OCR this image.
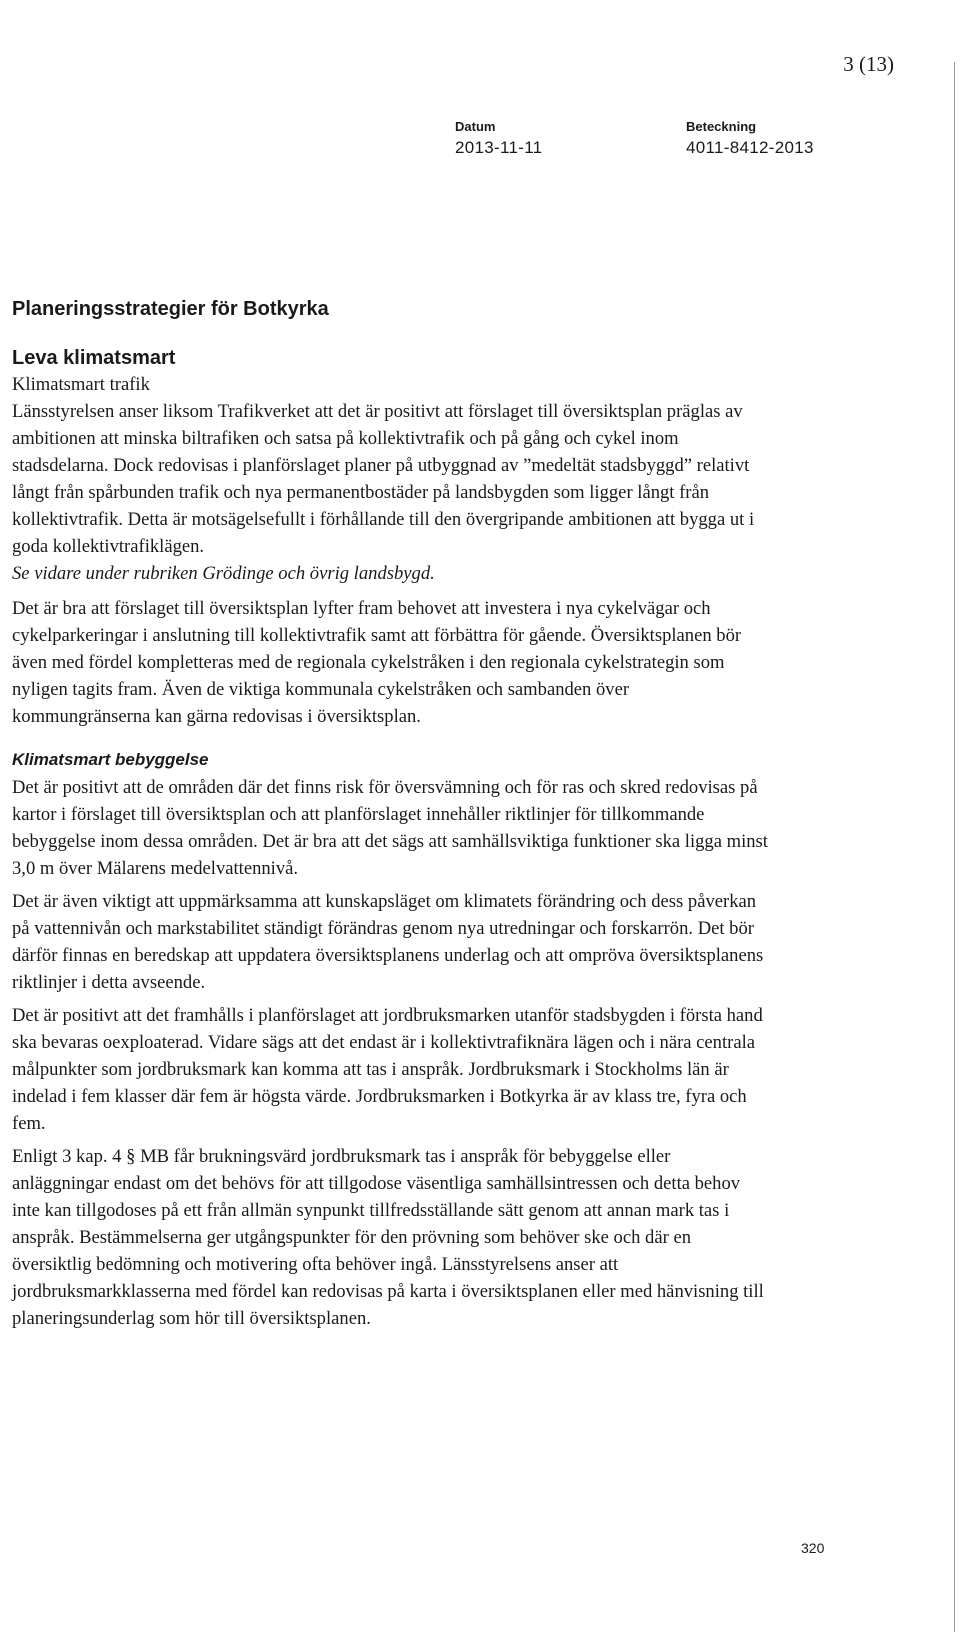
3 (13)
Datum
2013-11-11
Beteckning
4011-8412-2013
Planeringsstrategier för Botkyrka
Leva klimatsmart

Klimatsmart trafik

Länsstyrelsen anser liksom Trafikverket att det är positivt att förslaget till översiktsplan präglas av ambitionen att minska biltrafiken och satsa på kollektivtrafik och på gång och cykel inom stadsdelarna. Dock redovisas i planförslaget planer på utbyggnad av ”medeltät stadsbyggd” relativt långt från spårbunden trafik och nya permanentbostäder på landsbygden som ligger långt från kollektivtrafik. Detta är motsägelsefullt i förhållande till den övergripande ambitionen att bygga ut i goda kollektivtrafiklägen.

Se vidare under rubriken Grödinge och övrig landsbygd.

Det är bra att förslaget till översiktsplan lyfter fram behovet att investera i nya cykelvägar och cykelparkeringar i anslutning till kollektivtrafik samt att förbättra för gående. Översiktsplanen bör även med fördel kompletteras med de regionala cykelstråken i den regionala cykelstrategin som nyligen tagits fram. Även de viktiga kommunala cykelstråken och sambanden över kommungränserna kan gärna redovisas i översiktsplan.

Klimatsmart bebyggelse

Det är positivt att de områden där det finns risk för översvämning och för ras och skred redovisas på kartor i förslaget till översiktsplan och att planförslaget innehåller riktlinjer för tillkommande bebyggelse inom dessa områden. Det är bra att det sägs att samhällsviktiga funktioner ska ligga minst 3,0 m över Mälarens medelvattennivå.

Det är även viktigt att uppmärksamma att kunskapsläget om klimatets förändring och dess påverkan på vattennivån och markstabilitet ständigt förändras genom nya utredningar och forskarrön. Det bör därför finnas en beredskap att uppdatera översiktsplanens underlag och att ompröva översiktsplanens riktlinjer i detta avseende.

Det är positivt att det framhålls i planförslaget att jordbruksmarken utanför stadsbygden i första hand ska bevaras oexploaterad. Vidare sägs att det endast är i kollektivtrafiknära lägen och i nära centrala målpunkter som jordbruksmark kan komma att tas i anspråk. Jordbruksmark i Stockholms län är indelad i fem klasser där fem är högsta värde. Jordbruksmarken i Botkyrka är av klass tre, fyra och fem.

Enligt 3 kap. 4 § MB får brukningsvärd jordbruksmark tas i anspråk för bebyggelse eller anläggningar endast om det behövs för att tillgodose väsentliga samhällsintressen och detta behov inte kan tillgodoses på ett från allmän synpunkt tillfredsställande sätt genom att annan mark tas i anspråk. Bestämmelserna ger utgångspunkter för den prövning som behöver ske och där en översiktlig bedömning och motivering ofta behöver ingå. Länsstyrelsens anser att jordbruksmarkklasserna med fördel kan redovisas på karta i översiktsplanen eller med hänvisning till planeringsunderlag som hör till översiktsplanen.

320
